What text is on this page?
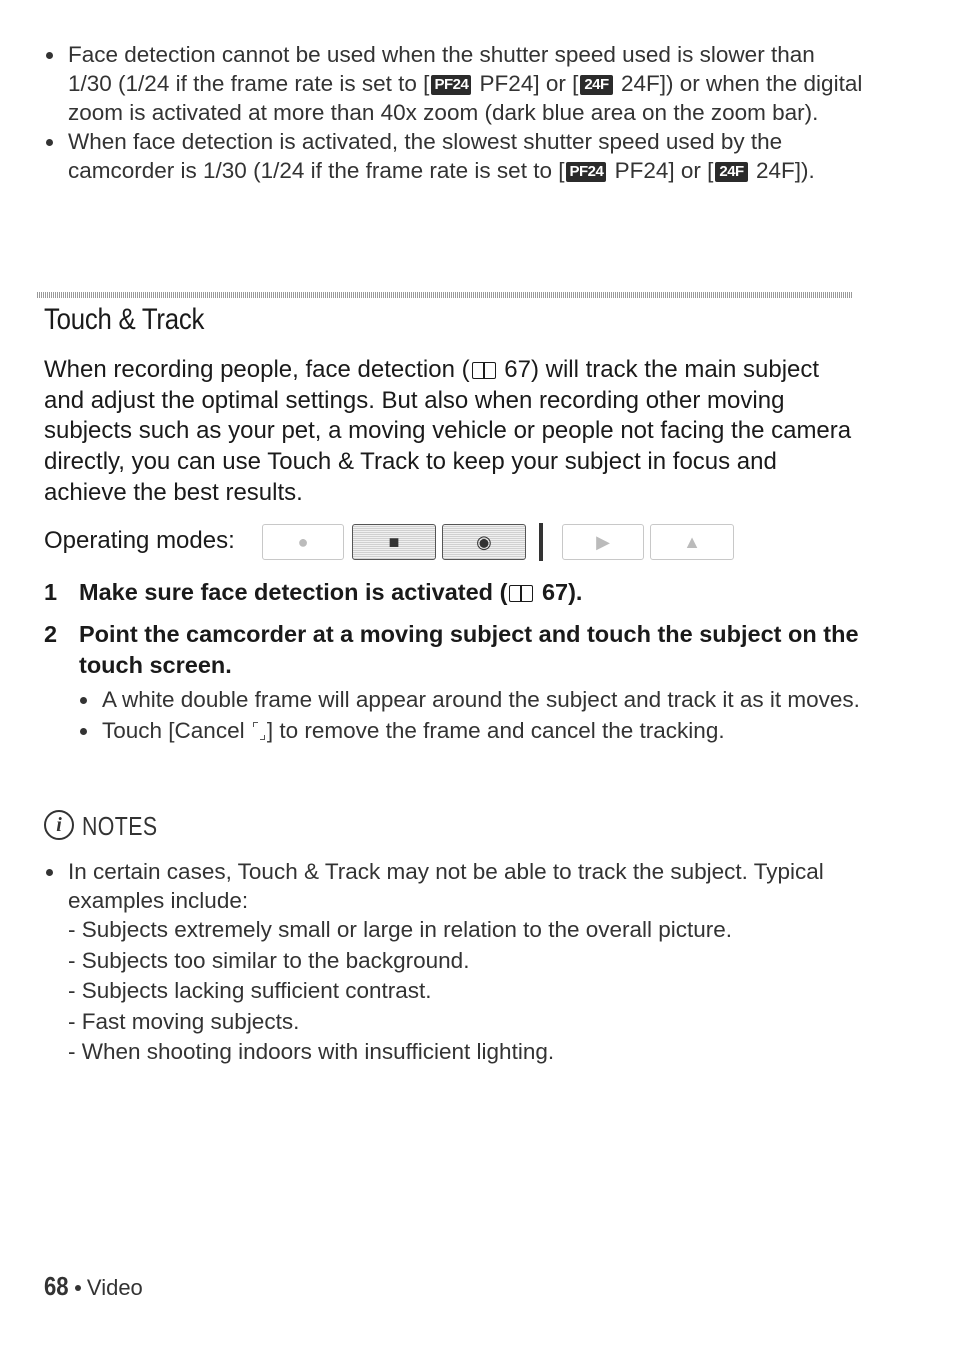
Face detection cannot be used when the shutter speed used is slower than 1/30 (1/24 if the frame rate is set to [ PF24 PF24] or [ 24F 24F]) or when the digital zoom is activated at more than 40x zoom (dark blue area on the zoom bar).
When face detection is activated, the slowest shutter speed used by the camcorder is 1/30 (1/24 if the frame rate is set to [ PF24 PF24] or [ 24F 24F]).
Touch & Track

When recording people, face detection ( 67) will track the main subject and adjust the optimal settings. But also when recording other moving subjects such as your pet, a moving vehicle or people not facing the camera directly, you can use Touch & Track to keep your subject in focus and achieve the best results.

Operating modes:	●	■	◉	▶	▲
1 Make sure face detection is activated ( 67).
2 Point the camcorder at a moving subject and touch the subject on the touch screen.
A white double frame will appear around the subject and track it as it moves.
Touch [Cancel ] to remove the frame and cancel the tracking.
i NOTES
In certain cases, Touch & Track may not be able to track the subject. Typical examples include:
- Subjects extremely small or large in relation to the overall picture.
- Subjects too similar to the background.
- Subjects lacking sufficient contrast.
- Fast moving subjects.
- When shooting indoors with insufficient lighting.
68 Video
